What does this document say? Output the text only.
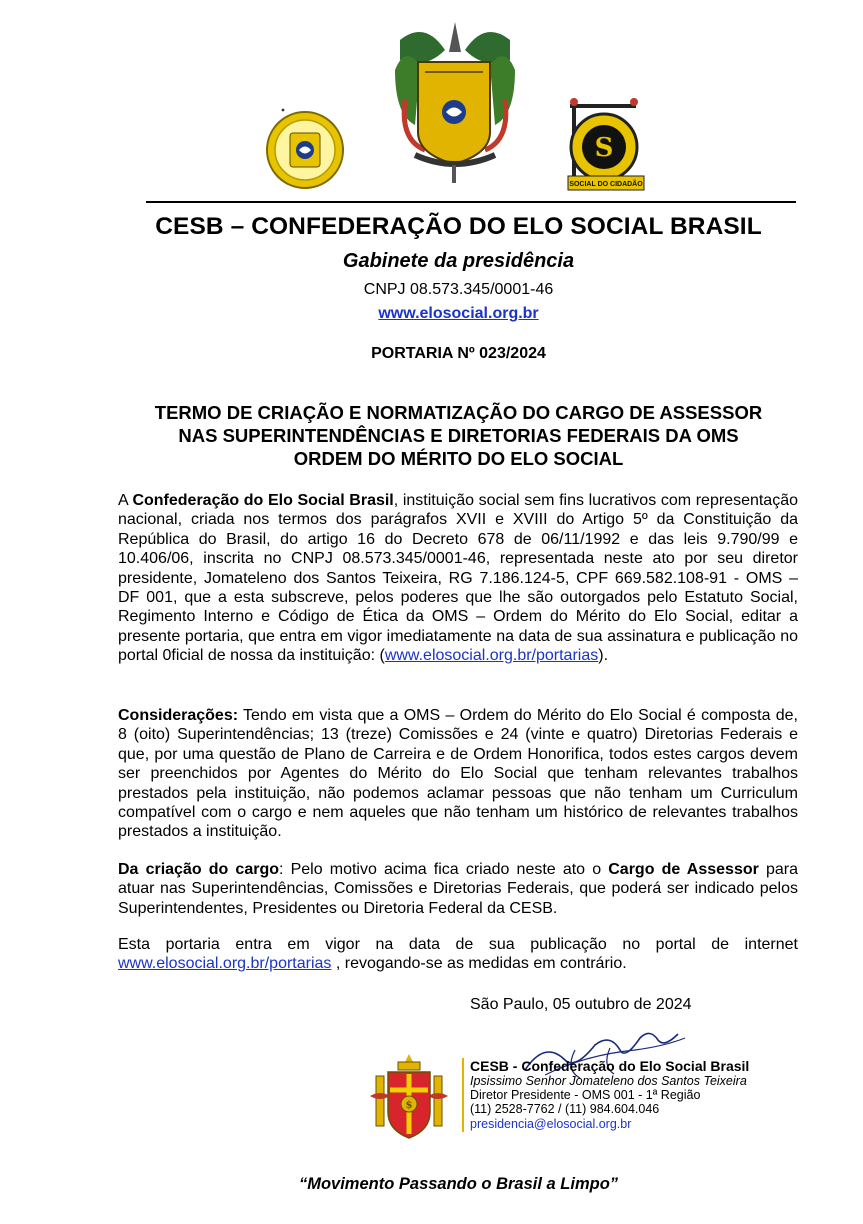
S
SOCIAL DO CIDADÃO
CESB – CONFEDERAÇÃO DO ELO SOCIAL BRASIL
Gabinete da presidência
CNPJ 08.573.345/0001-46
www.elosocial.org.br
PORTARIA Nº 023/2024
TERMO DE CRIAÇÃO E NORMATIZAÇÃO DO CARGO DE ASSESSOR
NAS SUPERINTENDÊNCIAS E DIRETORIAS FEDERAIS DA OMS
ORDEM DO MÉRITO DO ELO SOCIAL

A Confederação do Elo Social Brasil, instituição social sem fins lucrativos com representação nacional, criada nos termos dos parágrafos XVII e XVIII do Artigo 5º da Constituição da República do Brasil, do artigo 16 do Decreto 678 de 06/11/1992 e das leis 9.790/99 e 10.406/06, inscrita no CNPJ 08.573.345/0001-46, representada neste ato por seu diretor presidente, Jomateleno dos Santos Teixeira, RG 7.186.124-5, CPF 669.582.108-91 - OMS – DF 001, que a esta subscreve, pelos poderes que lhe são outorgados pelo Estatuto Social, Regimento Interno e Código de Ética da OMS – Ordem do Mérito do Elo Social, editar a presente portaria, que entra em vigor imediatamente na data de sua assinatura e publicação no portal 0ficial de nossa da instituição: (www.elosocial.org.br/portarias).

Considerações: Tendo em vista que a OMS – Ordem do Mérito do Elo Social é composta de, 8 (oito) Superintendências; 13 (treze) Comissões e 24 (vinte e quatro) Diretorias Federais e que, por uma questão de Plano de Carreira e de Ordem Honorifica, todos estes cargos devem ser preenchidos por Agentes do Mérito do Elo Social que tenham relevantes trabalhos prestados pela instituição, não podemos aclamar pessoas que não tenham um Curriculum compatível com o cargo e nem aqueles que não tenham um histórico de relevantes trabalhos prestados a instituição.

Da criação do cargo: Pelo motivo acima fica criado neste ato o Cargo de Assessor para atuar nas Superintendências, Comissões e Diretorias Federais, que poderá ser indicado pelos Superintendentes, Presidentes ou Diretoria Federal da CESB.

Esta portaria entra em vigor na data de sua publicação no portal de internet www.elosocial.org.br/portarias , revogando-se as medidas em contrário.

São Paulo, 05 outubro de 2024
$
CESB - Confederação do Elo Social Brasil
Ipsissimo Senhor Jomateleno dos Santos Teixeira
Diretor Presidente - OMS 001 - 1ª Região
(11) 2528-7762 / (11) 984.604.046
presidencia@elosocial.org.br
“Movimento Passando o Brasil a Limpo”
